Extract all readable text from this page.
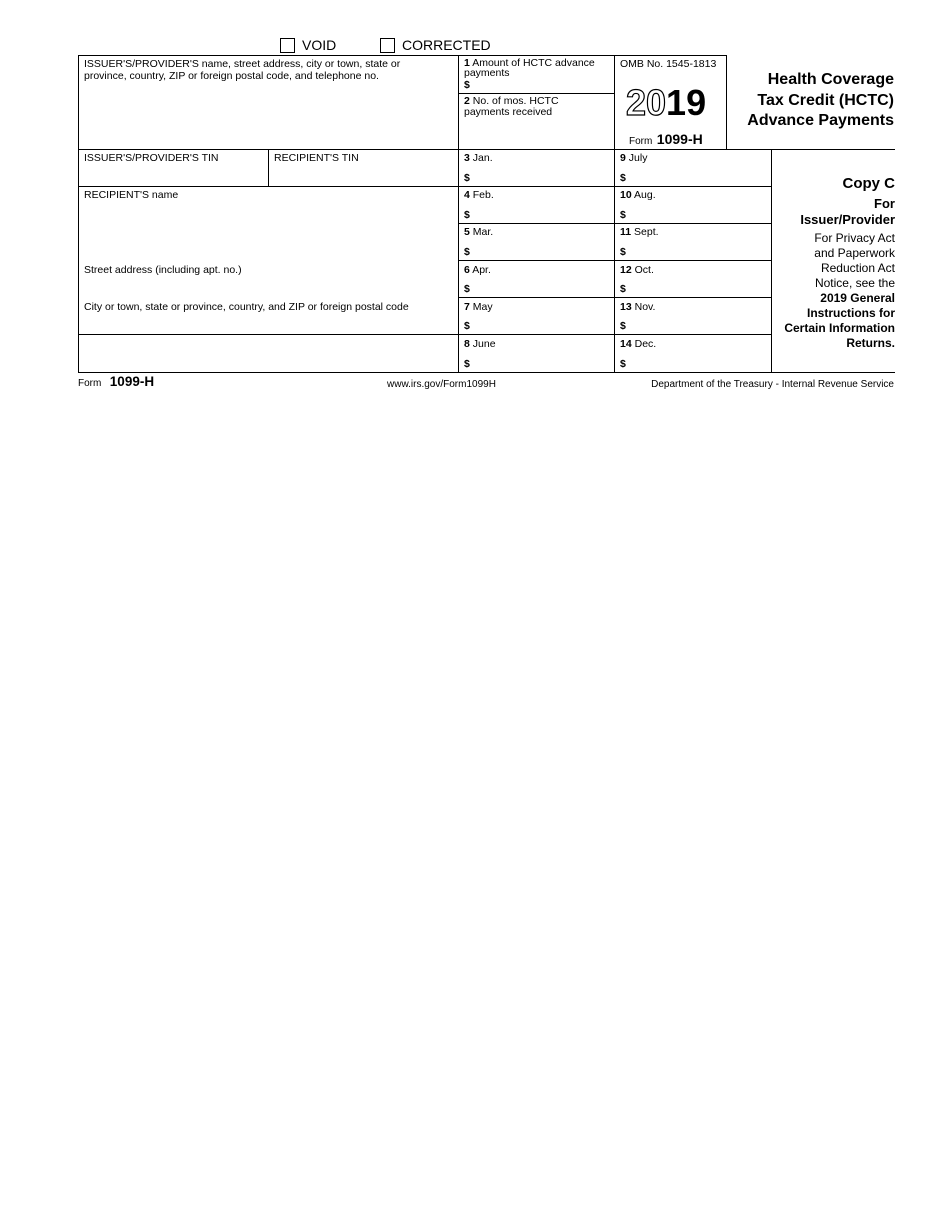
VOID	CORRECTED
ISSUER'S/PROVIDER'S name, street address, city or town, state or province, country, ZIP or foreign postal code, and telephone no.
1 Amount of HCTC advance payments
$
2 No. of mos. HCTC payments received
OMB No. 1545-1813
2019
Form 1099-H
Health Coverage
Tax Credit (HCTC)
Advance Payments
ISSUER'S/PROVIDER'S TIN	RECIPIENT'S TIN
RECIPIENT'S name
Street address (including apt. no.)
City or town, state or province, country, and ZIP or foreign postal code
3 Jan.
$
4 Feb.
$
5 Mar.
$
6 Apr.
$
7 May
$
8 June
$
9 July
$
10 Aug.
$
11 Sept.
$
12 Oct.
$
13 Nov.
$
14 Dec.
$
Copy C
For
Issuer/Provider
For Privacy Act
and Paperwork
Reduction Act
Notice, see the
2019 General
Instructions for
Certain Information
Returns.
Form 1099-H	www.irs.gov/Form1099H	Department of the Treasury - Internal Revenue Service
